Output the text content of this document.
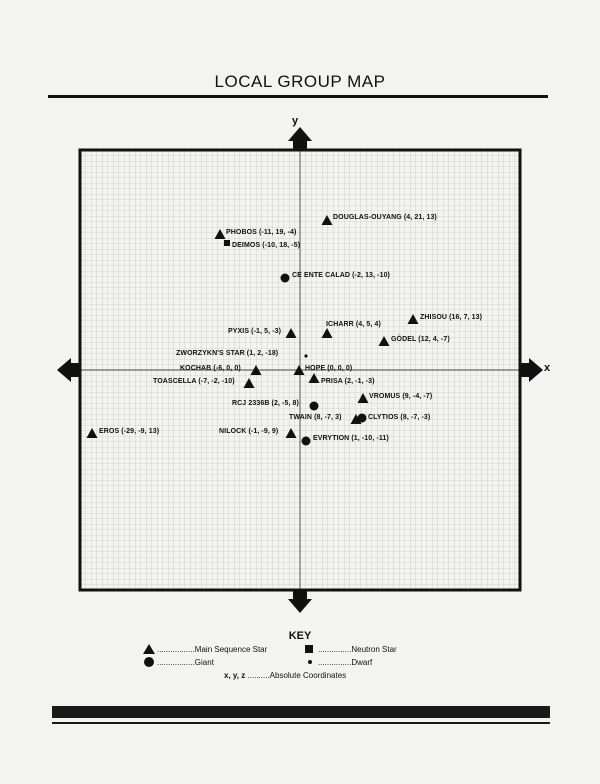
LOCAL GROUP MAP
y
x
DOUGLAS-OUYANG (4, 21, 13)
PHOBOS (-11, 19, -4)
DEIMOS (-10, 18, -5)
CE ENTE CALAD (-2, 13, -10)
ZHISOU (16, 7, 13)
PYXIS (-1, 5, -3)
ICHARR (4, 5, 4)
GÖDEL (12, 4, -7)
ZWORZYKN'S STAR (1, 2, -18)
KOCHAB (-6, 0, 0)	HOPE (0, 0, 0)
TOASCELLA (-7, -2, -10)	PRISA (2, -1, -3)
VROMUS (9, -4, -7)
RCJ 2336B (2, -5, 8)
TWAIN (8, -7, 3)	CLYTIOS (8, -7, -3)
EROS (-29, -9, 13)	NILOCK (-1, -9, 9)
EVRYTION (1, -10, -11)
KEY
.................Main Sequence Star	...............Neutron Star
.................Giant	...............Dwarf
x, y, z ..........Absolute Coordinates
